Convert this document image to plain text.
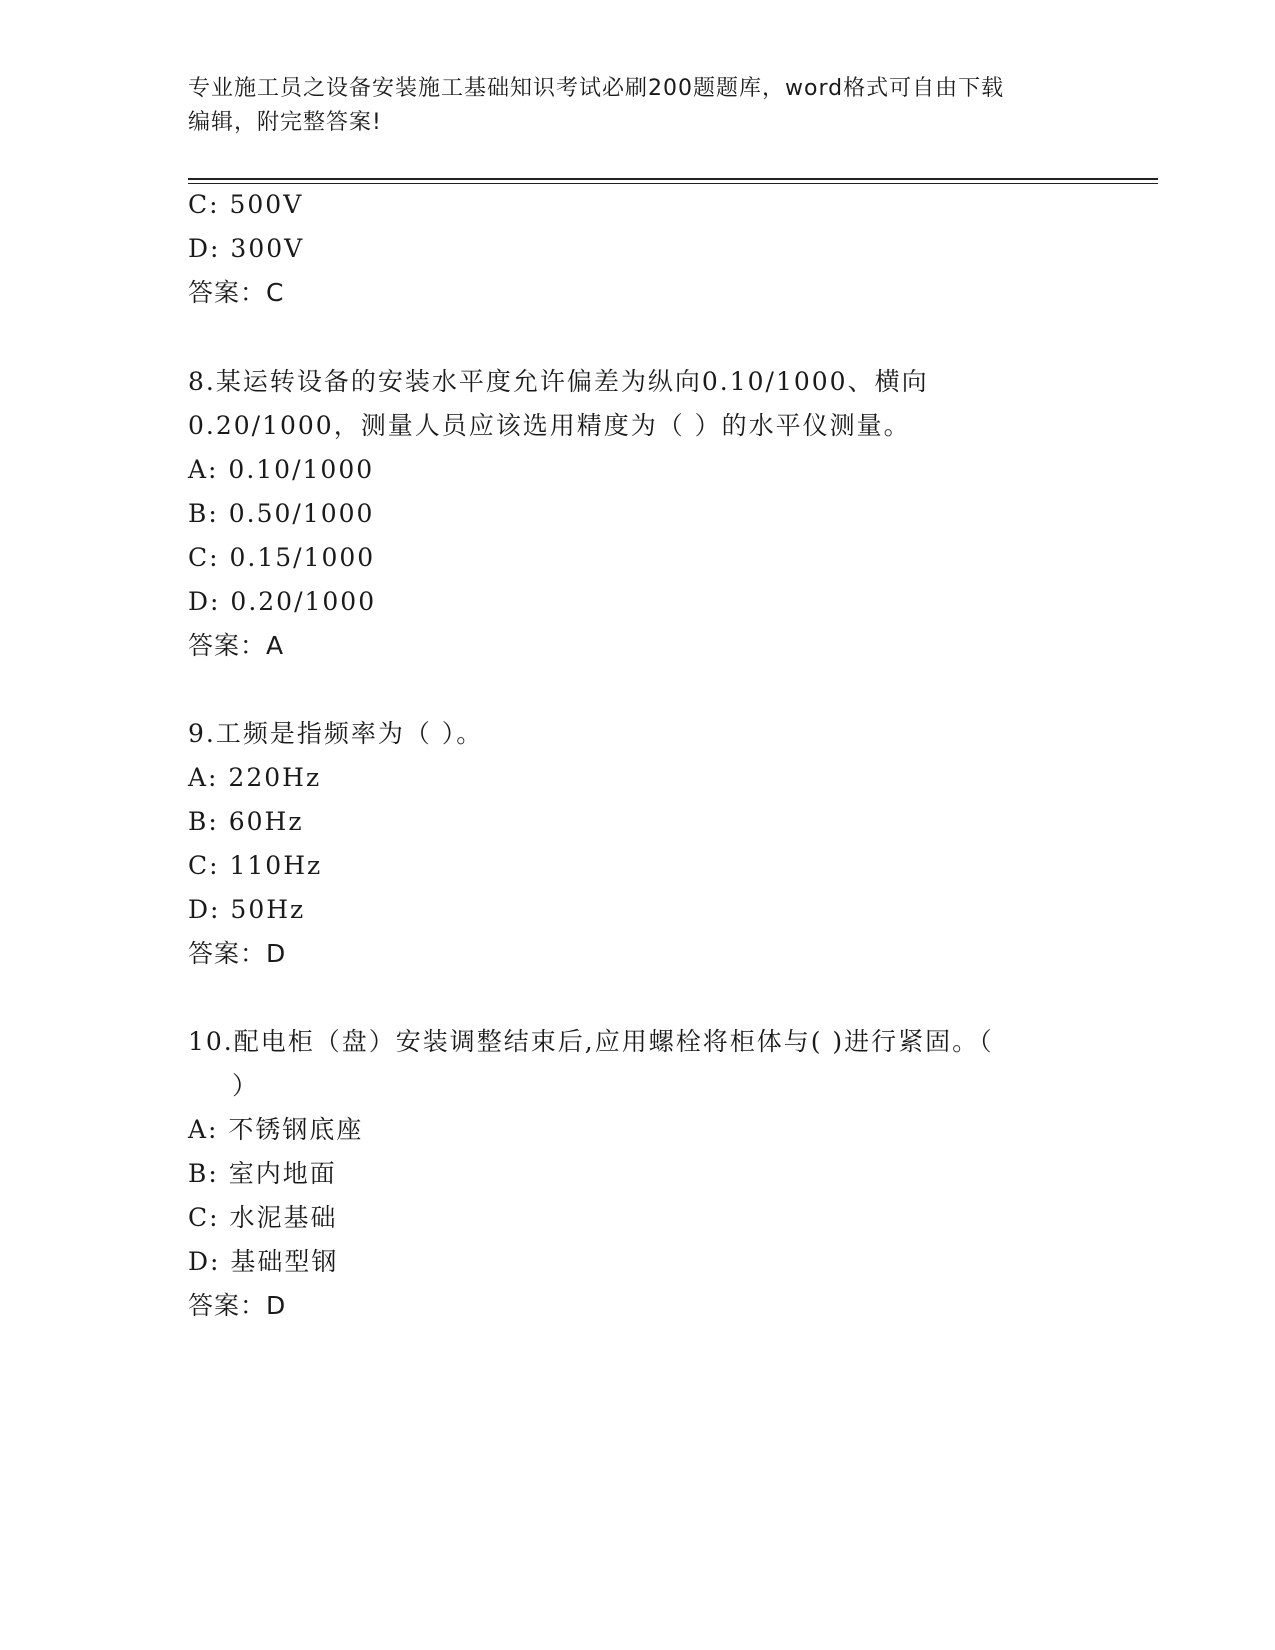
专业施工员之设备安装施工基础知识考试必刷200题题库，word格式可自由下载
编辑，附完整答案!
C: 500V
D: 300V
答案：C
8.某运转设备的安装水平度允许偏差为纵向0.10/1000、横向
0.20/1000，测量人员应该选用精度为（ ）的水平仪测量。
A: 0.10/1000
B: 0.50/1000
C: 0.15/1000
D: 0.20/1000
答案：A
9.工频是指频率为（ ）。
A: 220Hz
B: 60Hz
C: 110Hz
D: 50Hz
答案：D
10.配电柜（盘）安装调整结束后,应用螺栓将柜体与( )进行紧固。（
）
A: 不锈钢底座
B: 室内地面
C: 水泥基础
D: 基础型钢
答案：D
